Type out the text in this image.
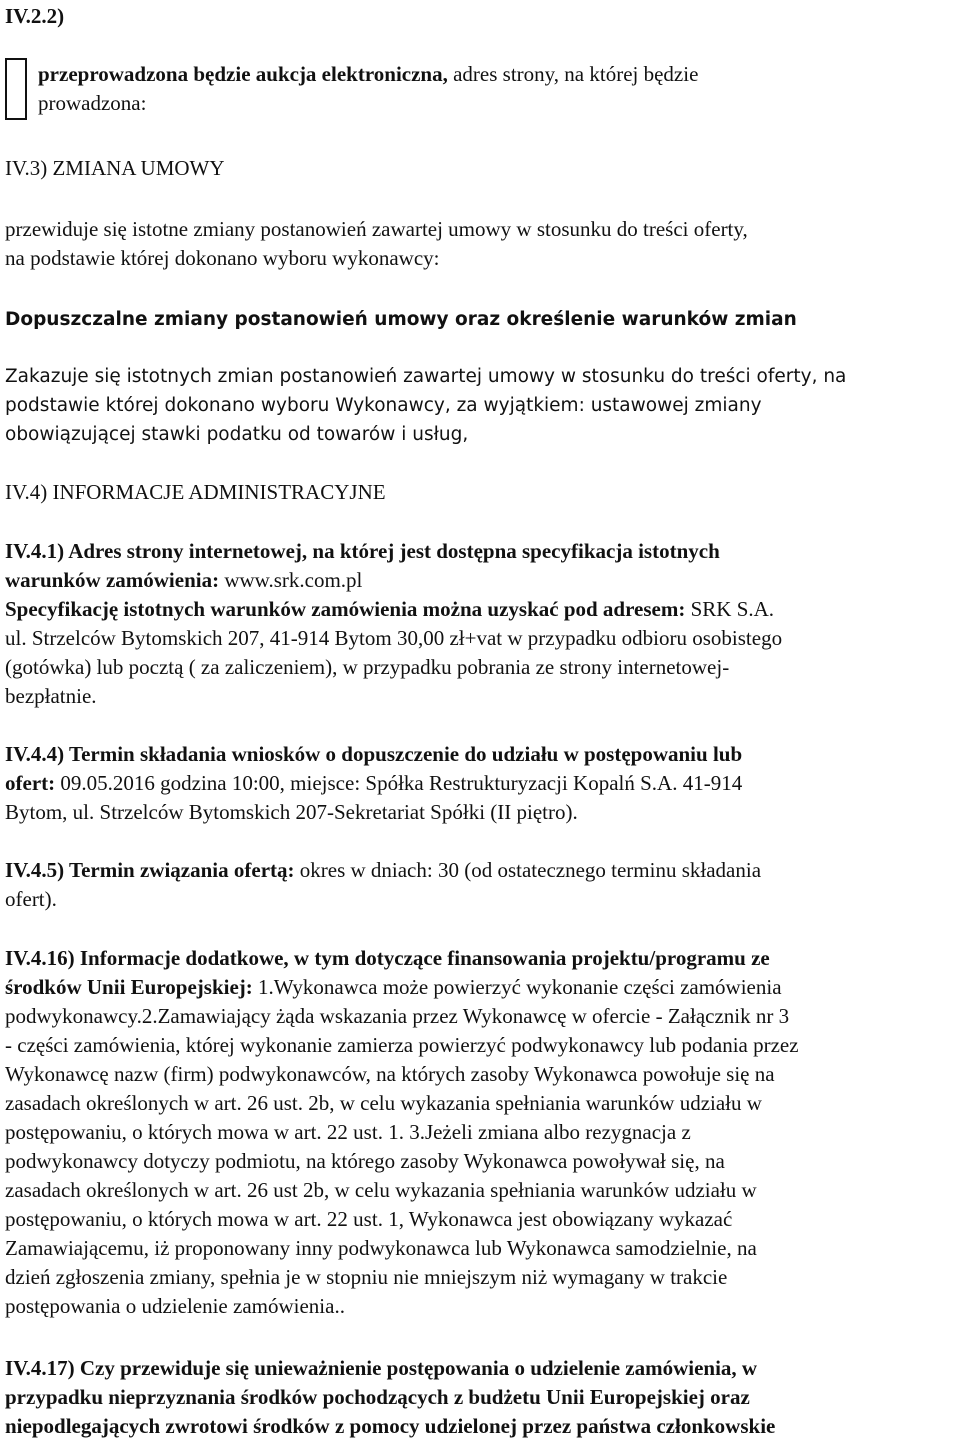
IV.2.2)
przeprowadzona będzie aukcja elektroniczna, adres strony, na której będzie
prowadzona:
IV.3) ZMIANA UMOWY
przewiduje się istotne zmiany postanowień zawartej umowy w stosunku do treści oferty,
na podstawie której dokonano wyboru wykonawcy:
Dopuszczalne zmiany postanowień umowy oraz określenie warunków zmian
Zakazuje się istotnych zmian postanowień zawartej umowy w stosunku do treści oferty, na
podstawie której dokonano wyboru Wykonawcy, za wyjątkiem: ustawowej zmiany
obowiązującej stawki podatku od towarów i usług,
IV.4) INFORMACJE ADMINISTRACYJNE
IV.4.1) Adres strony internetowej, na której jest dostępna specyfikacja istotnych
warunków zamówienia: www.srk.com.pl
Specyfikację istotnych warunków zamówienia można uzyskać pod adresem: SRK S.A.
ul. Strzelców Bytomskich 207, 41-914 Bytom 30,00 zł+vat w przypadku odbioru osobistego
(gotówka) lub pocztą ( za zaliczeniem), w przypadku pobrania ze strony internetowej-
bezpłatnie.
IV.4.4) Termin składania wniosków o dopuszczenie do udziału w postępowaniu lub
ofert: 09.05.2016 godzina 10:00, miejsce: Spółka Restrukturyzacji Kopalń S.A. 41-914
Bytom, ul. Strzelców Bytomskich 207-Sekretariat Spółki (II piętro).
IV.4.5) Termin związania ofertą: okres w dniach: 30 (od ostatecznego terminu składania
ofert).
IV.4.16) Informacje dodatkowe, w tym dotyczące finansowania projektu/programu ze
środków Unii Europejskiej: 1.Wykonawca może powierzyć wykonanie części zamówienia
podwykonawcy.2.Zamawiający żąda wskazania przez Wykonawcę w ofercie - Załącznik nr 3
- części zamówienia, której wykonanie zamierza powierzyć podwykonawcy lub podania przez
Wykonawcę nazw (firm) podwykonawców, na których zasoby Wykonawca powołuje się na
zasadach określonych w art. 26 ust. 2b, w celu wykazania spełniania warunków udziału w
postępowaniu, o których mowa w art. 22 ust. 1. 3.Jeżeli zmiana albo rezygnacja z
podwykonawcy dotyczy podmiotu, na którego zasoby Wykonawca powoływał się, na
zasadach określonych w art. 26 ust 2b, w celu wykazania spełniania warunków udziału w
postępowaniu, o których mowa w art. 22 ust. 1, Wykonawca jest obowiązany wykazać
Zamawiającemu, iż proponowany inny podwykonawca lub Wykonawca samodzielnie, na
dzień zgłoszenia zmiany, spełnia je w stopniu nie mniejszym niż wymagany w trakcie
postępowania o udzielenie zamówienia..
IV.4.17) Czy przewiduje się unieważnienie postępowania o udzielenie zamówienia, w
przypadku nieprzyznania środków pochodzących z budżetu Unii Europejskiej oraz
niepodlegających zwrotowi środków z pomocy udzielonej przez państwa członkowskie
